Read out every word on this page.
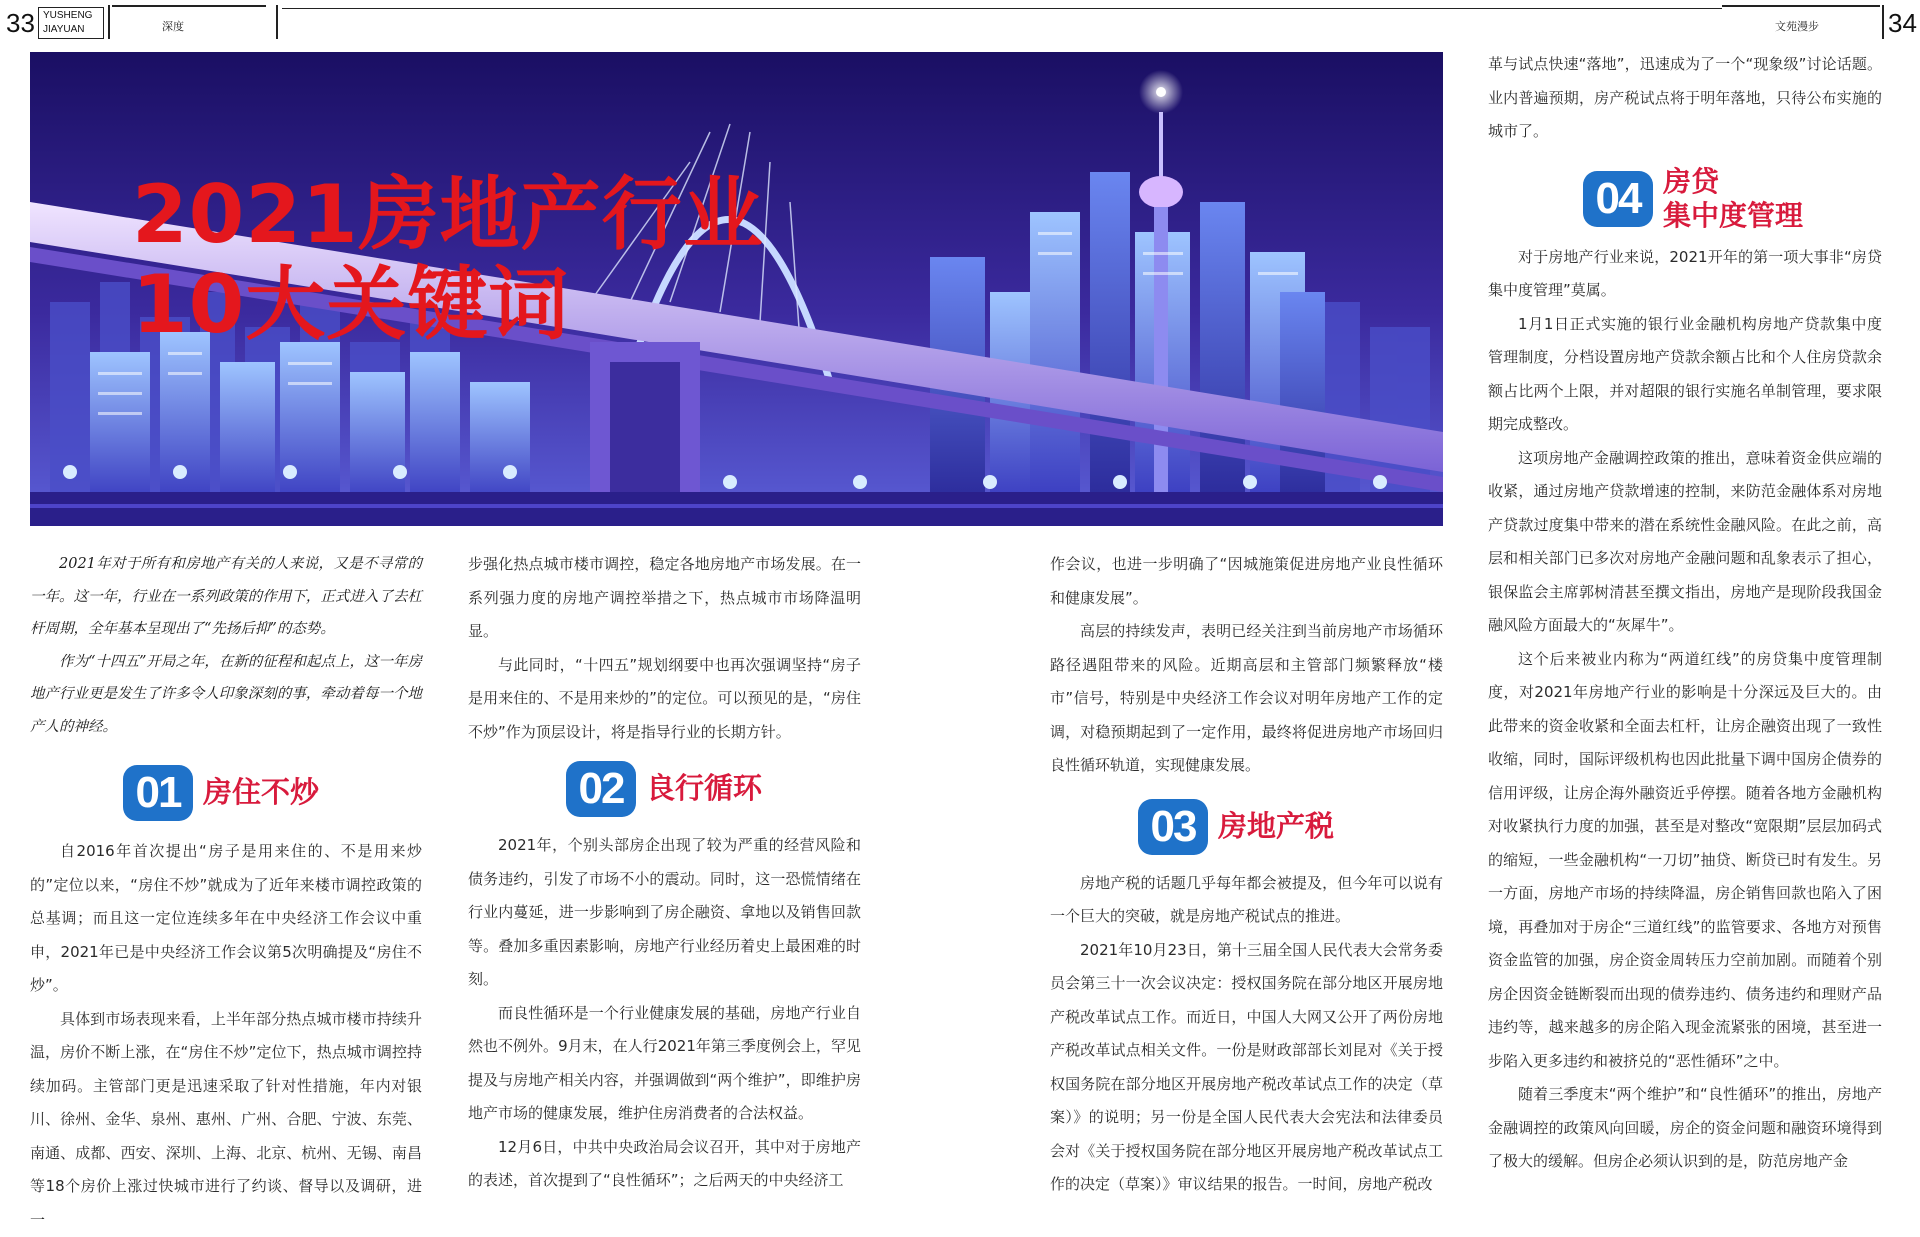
33 YUSHENG
JIAYUAN	深度	文苑漫步	34
2021房地产行业
10大关键词

2021年对于所有和房地产有关的人来说，又是不寻常的一年。这一年，行业在一系列政策的作用下，正式进入了去杠杆周期，全年基本呈现出了“先扬后抑”的态势。

作为“十四五”开局之年，在新的征程和起点上，这一年房地产行业更是发生了许多令人印象深刻的事，牵动着每一个地产人的神经。

01 房住不炒

自2016年首次提出“房子是用来住的、不是用来炒的”定位以来，“房住不炒”就成为了近年来楼市调控政策的总基调；而且这一定位连续多年在中央经济工作会议中重申，2021年已是中央经济工作会议第5次明确提及“房住不炒”。

具体到市场表现来看，上半年部分热点城市楼市持续升温，房价不断上涨，在“房住不炒”定位下，热点城市调控持续加码。主管部门更是迅速采取了针对性措施，年内对银川、徐州、金华、泉州、惠州、广州、合肥、宁波、东莞、南通、成都、西安、深圳、上海、北京、杭州、无锡、南昌等18个房价上涨过快城市进行了约谈、督导以及调研，进一

步强化热点城市楼市调控，稳定各地房地产市场发展。在一系列强力度的房地产调控举措之下，热点城市市场降温明显。

与此同时，“十四五”规划纲要中也再次强调坚持“房子是用来住的、不是用来炒的”的定位。可以预见的是，“房住不炒”作为顶层设计，将是指导行业的长期方针。

02 良行循环

2021年，个别头部房企出现了较为严重的经营风险和债务违约，引发了市场不小的震动。同时，这一恐慌情绪在行业内蔓延，进一步影响到了房企融资、拿地以及销售回款等。叠加多重因素影响，房地产行业经历着史上最困难的时刻。

而良性循环是一个行业健康发展的基础，房地产行业自然也不例外。9月末，在人行2021年第三季度例会上，罕见提及与房地产相关内容，并强调做到“两个维护”，即维护房地产市场的健康发展，维护住房消费者的合法权益。

12月6日，中共中央政治局会议召开，其中对于房地产的表述，首次提到了“良性循环”；之后两天的中央经济工

作会议，也进一步明确了“因城施策促进房地产业良性循环和健康发展”。

高层的持续发声，表明已经关注到当前房地产市场循环路径遇阻带来的风险。近期高层和主管部门频繁释放“楼市”信号，特别是中央经济工作会议对明年房地产工作的定调，对稳预期起到了一定作用，最终将促进房地产市场回归良性循环轨道，实现健康发展。

03 房地产税

房地产税的话题几乎每年都会被提及，但今年可以说有一个巨大的突破，就是房地产税试点的推进。

2021年10月23日，第十三届全国人民代表大会常务委员会第三十一次会议决定：授权国务院在部分地区开展房地产税改革试点工作。而近日，中国人大网又公开了两份房地产税改革试点相关文件。一份是财政部部长刘昆对《关于授权国务院在部分地区开展房地产税改革试点工作的决定（草案）》的说明；另一份是全国人民代表大会宪法和法律委员会对《关于授权国务院在部分地区开展房地产税改革试点工作的决定（草案）》审议结果的报告。一时间，房地产税改

革与试点快速“落地”，迅速成为了一个“现象级”讨论话题。业内普遍预期，房产税试点将于明年落地，只待公布实施的城市了。

04 房贷
集中度管理

对于房地产行业来说，2021开年的第一项大事非“房贷集中度管理”莫属。

1月1日正式实施的银行业金融机构房地产贷款集中度管理制度，分档设置房地产贷款余额占比和个人住房贷款余额占比两个上限，并对超限的银行实施名单制管理，要求限期完成整改。

这项房地产金融调控政策的推出，意味着资金供应端的收紧，通过房地产贷款增速的控制，来防范金融体系对房地产贷款过度集中带来的潜在系统性金融风险。在此之前，高层和相关部门已多次对房地产金融问题和乱象表示了担心，银保监会主席郭树清甚至撰文指出，房地产是现阶段我国金融风险方面最大的“灰犀牛”。

这个后来被业内称为“两道红线”的房贷集中度管理制度，对2021年房地产行业的影响是十分深远及巨大的。由此带来的资金收紧和全面去杠杆，让房企融资出现了一致性收缩，同时，国际评级机构也因此批量下调中国房企债券的信用评级，让房企海外融资近乎停摆。随着各地方金融机构对收紧执行力度的加强，甚至是对整改“宽限期”层层加码式的缩短，一些金融机构“一刀切”抽贷、断贷已时有发生。另一方面，房地产市场的持续降温，房企销售回款也陷入了困境，再叠加对于房企“三道红线”的监管要求、各地方对预售资金监管的加强，房企资金周转压力空前加剧。而随着个别房企因资金链断裂而出现的债券违约、债务违约和理财产品违约等，越来越多的房企陷入现金流紧张的困境，甚至进一步陷入更多违约和被挤兑的“恶性循环”之中。

随着三季度末“两个维护”和“良性循环”的推出，房地产金融调控的政策风向回暖，房企的资金问题和融资环境得到了极大的缓解。但房企必须认识到的是，防范房地产金
